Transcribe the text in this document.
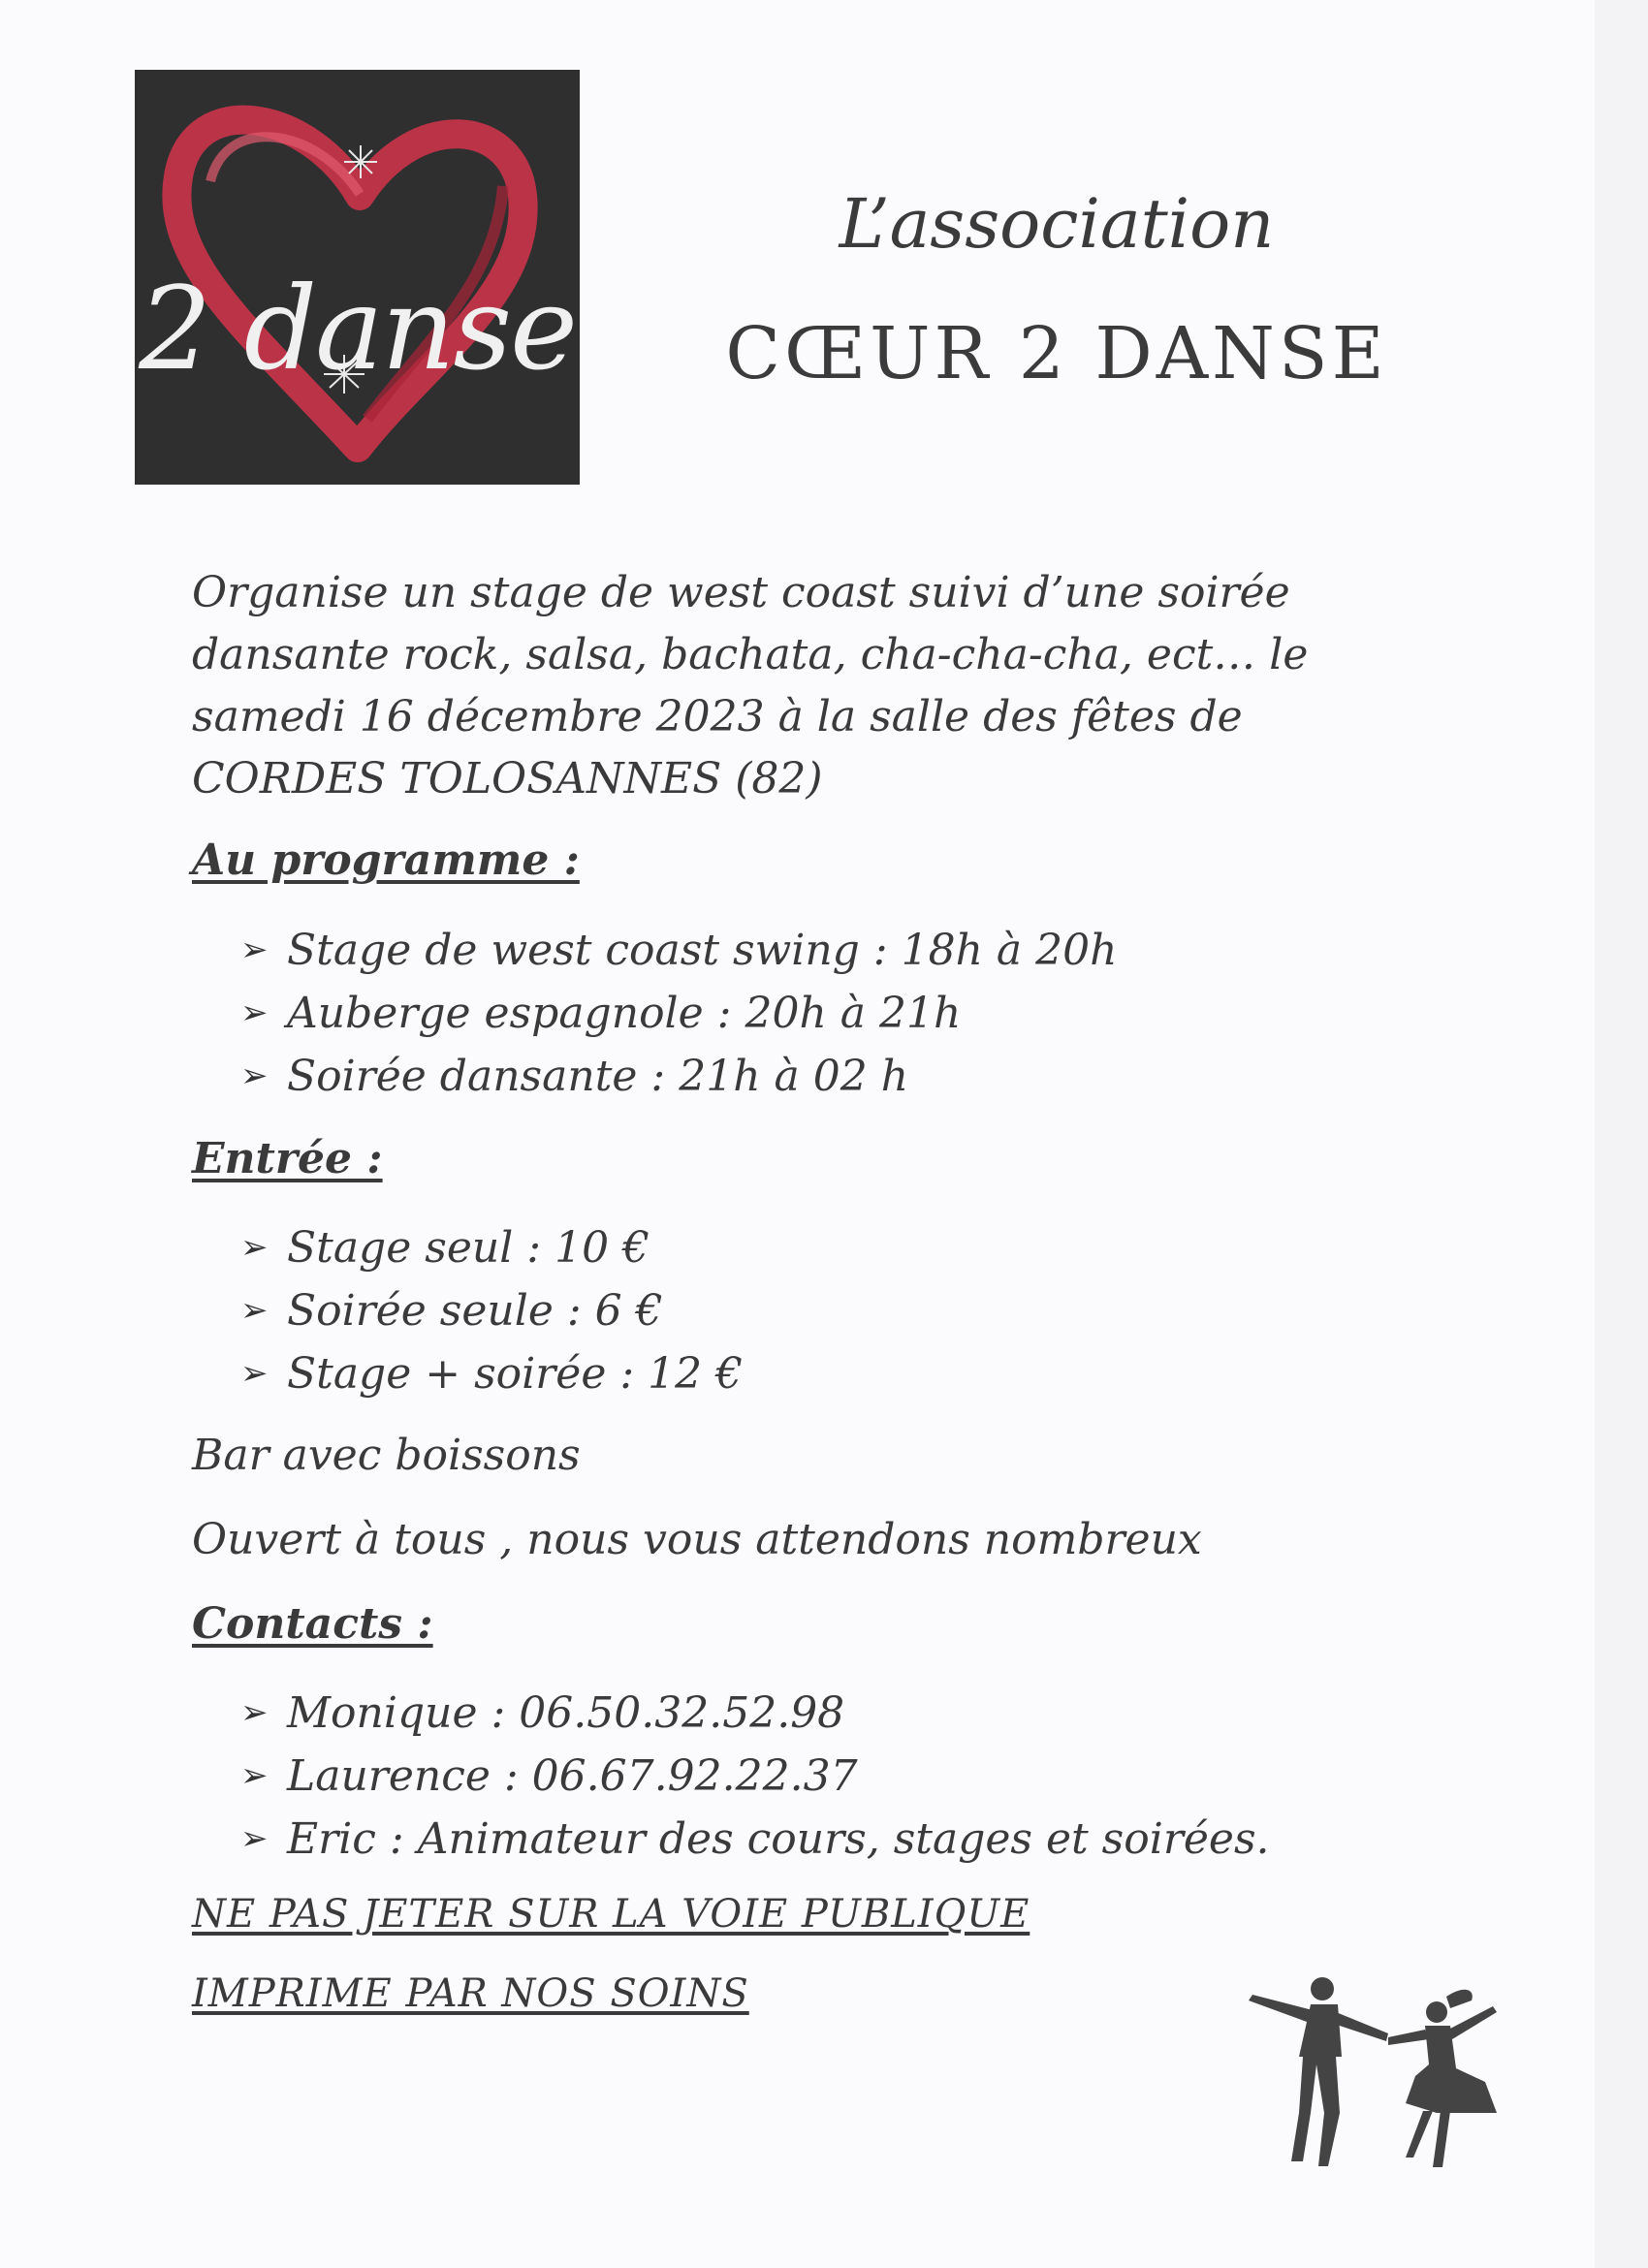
2 danse
L’association
CŒUR 2 DANSE

Organise un stage de west coast suivi d’une soirée dansante rock, salsa, bachata, cha-cha-cha, ect… le samedi 16 décembre 2023 à la salle des fêtes de CORDES TOLOSANNES (82)

Au programme :

➢ Stage de west coast swing : 18h à 20h
➢ Auberge espagnole : 20h à 21h
➢ Soirée dansante : 21h à 02 h

Entrée :

➢ Stage seul : 10 €
➢ Soirée seule : 6 €
➢ Stage + soirée : 12 €

Bar avec boissons

Ouvert à tous , nous vous attendons nombreux

Contacts :

➢ Monique : 06.50.32.52.98
➢ Laurence : 06.67.92.22.37
➢ Eric : Animateur des cours, stages et soirées.

NE PAS JETER SUR LA VOIE PUBLIQUE

IMPRIME PAR NOS SOINS
